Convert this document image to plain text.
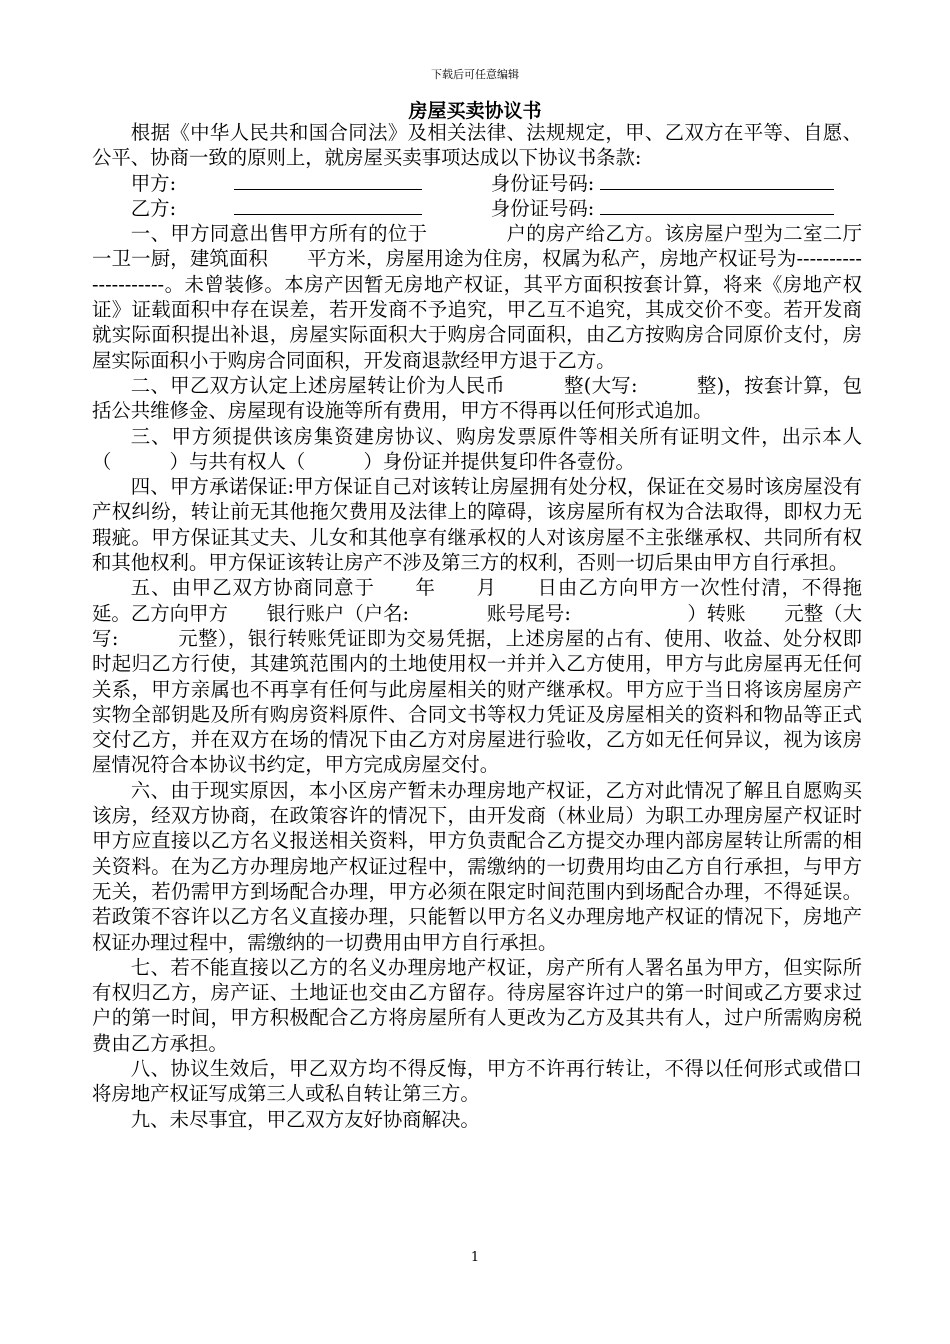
下载后可任意编辑
房屋买卖协议书

根据《中华人民共和国合同法》及相关法律、法规规定，甲、乙双方在平等、自愿、公平、协商一致的原则上，就房屋买卖事项达成以下协议书条款:

甲方:	身份证号码:
乙方:	身份证号码:

一、甲方同意出售甲方所有的位于　　　　户的房产给乙方。该房屋户型为二室二厅一卫一厨，建筑面积　　平方米，房屋用途为住房，权属为私产，房地产权证号为---------------------。未曾装修。本房产因暂无房地产权证，其平方面积按套计算，将来《房地产权证》证载面积中存在误差，若开发商不予追究，甲乙互不追究，其成交价不变。若开发商就实际面积提出补退，房屋实际面积大于购房合同面积，由乙方按购房合同原价支付，房屋实际面积小于购房合同面积，开发商退款经甲方退于乙方。

二、甲乙双方认定上述房屋转让价为人民币　　　整(大写:　　　整)，按套计算，包括公共维修金、房屋现有设施等所有费用，甲方不得再以任何形式追加。

三、甲方须提供该房集资建房协议、购房发票原件等相关所有证明文件，出示本人（　　　）与共有权人（　　　）身份证并提供复印件各壹份。

四、甲方承诺保证:甲方保证自己对该转让房屋拥有处分权，保证在交易时该房屋没有产权纠纷，转让前无其他拖欠费用及法律上的障碍，该房屋所有权为合法取得，即权力无瑕疵。甲方保证其丈夫、儿女和其他享有继承权的人对该房屋不主张继承权、共同所有权和其他权利。甲方保证该转让房产不涉及第三方的权利，否则一切后果由甲方自行承担。

五、由甲乙双方协商同意于　　年　　月　　日由乙方向甲方一次性付清，不得拖延。乙方向甲方　　银行账户（户名:　　　　账号尾号:　　　　　　）转账　　元整（大写:　　　元整），银行转账凭证即为交易凭据，上述房屋的占有、使用、收益、处分权即时起归乙方行使，其建筑范围内的土地使用权一并并入乙方使用，甲方与此房屋再无任何关系，甲方亲属也不再享有任何与此房屋相关的财产继承权。甲方应于当日将该房屋房产实物全部钥匙及所有购房资料原件、合同文书等权力凭证及房屋相关的资料和物品等正式交付乙方，并在双方在场的情况下由乙方对房屋进行验收，乙方如无任何异议，视为该房屋情况符合本协议书约定，甲方完成房屋交付。

六、由于现实原因，本小区房产暂未办理房地产权证，乙方对此情况了解且自愿购买该房，经双方协商，在政策容许的情况下，由开发商（林业局）为职工办理房屋产权证时甲方应直接以乙方名义报送相关资料，甲方负责配合乙方提交办理内部房屋转让所需的相关资料。在为乙方办理房地产权证过程中，需缴纳的一切费用均由乙方自行承担，与甲方无关，若仍需甲方到场配合办理，甲方必须在限定时间范围内到场配合办理，不得延误。若政策不容许以乙方名义直接办理，只能暂以甲方名义办理房地产权证的情况下，房地产权证办理过程中，需缴纳的一切费用由甲方自行承担。

七、若不能直接以乙方的名义办理房地产权证，房产所有人署名虽为甲方，但实际所有权归乙方，房产证、土地证也交由乙方留存。待房屋容许过户的第一时间或乙方要求过户的第一时间，甲方积极配合乙方将房屋所有人更改为乙方及其共有人，过户所需购房税费由乙方承担。

八、协议生效后，甲乙双方均不得反悔，甲方不许再行转让，不得以任何形式或借口将房地产权证写成第三人或私自转让第三方。

九、未尽事宜，甲乙双方友好协商解决。

1
